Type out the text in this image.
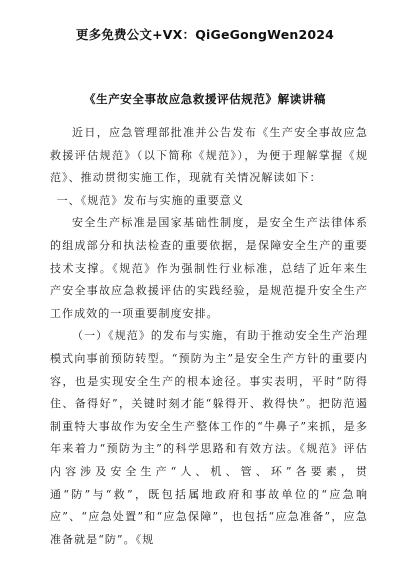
更多免费公文+VX：QiGeGongWen2024
《生产安全事故应急救援评估规范》解读讲稿

近日，应急管理部批准并公告发布《生产安全事故应急救援评估规范》（以下简称《规范》），为便于理解掌握《规范》、推动贯彻实施工作，现就有关情况解读如下：

一、《规范》发布与实施的重要意义

安全生产标准是国家基础性制度，是安全生产法律体系的组成部分和执法检查的重要依据，是保障安全生产的重要技术支撑。《规范》作为强制性行业标准，总结了近年来生产安全事故应急救援评估的实践经验，是规范提升安全生产工作成效的一项重要制度安排。

（一）《规范》的发布与实施，有助于推动安全生产治理模式向事前预防转型。“预防为主”是安全生产方针的重要内容，也是实现安全生产的根本途径。事实表明，平时“防得住、备得好”，关键时刻才能“躲得开、救得快”。把防范遏制重特大事故作为安全生产整体工作的“牛鼻子”来抓，是多年来着力“预防为主”的科学思路和有效方法。《规范》评估内容涉及安全生产“人、机、管、环”各要素，贯通“防”与“救”，既包括属地政府和事故单位的“应急响应”、“应急处置”和“应急保障”，也包括“应急准备”，应急准备就是“防”。《规
